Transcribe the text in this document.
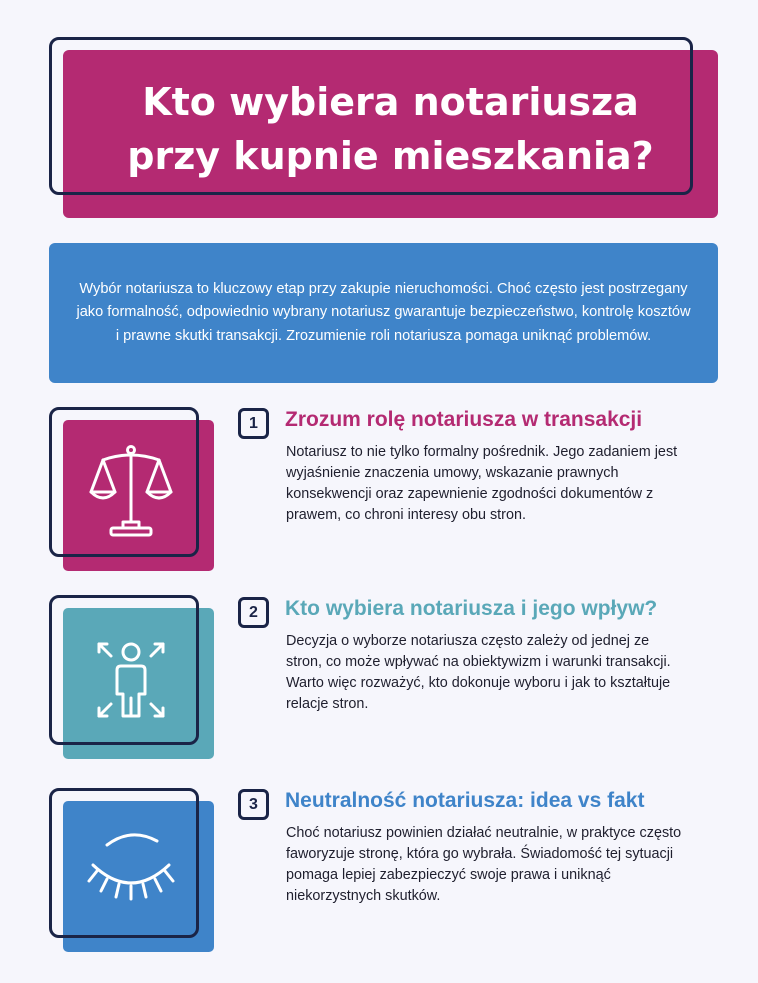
Kto wybiera notariusza
przy kupnie mieszkania?

Wybór notariusza to kluczowy etap przy zakupie nieruchomości. Choć często jest postrzegany jako formalność, odpowiednio wybrany notariusz gwarantuje bezpieczeństwo, kontrolę kosztów i prawne skutki transakcji. Zrozumienie roli notariusza pomaga uniknąć problemów.

1	Zrozum rolę notariusza w transakcji
Notariusz to nie tylko formalny pośrednik. Jego zadaniem jest
wyjaśnienie znaczenia umowy, wskazanie prawnych
konsekwencji oraz zapewnienie zgodności dokumentów z
prawem, co chroni interesy obu stron.
2	Kto wybiera notariusza i jego wpływ?
Decyzja o wyborze notariusza często zależy od jednej ze
stron, co może wpływać na obiektywizm i warunki transakcji.
Warto więc rozważyć, kto dokonuje wyboru i jak to kształtuje
relacje stron.
3	Neutralność notariusza: idea vs fakt
Choć notariusz powinien działać neutralnie, w praktyce często
faworyzuje stronę, która go wybrała. Świadomość tej sytuacji
pomaga lepiej zabezpieczyć swoje prawa i uniknąć
niekorzystnych skutków.
